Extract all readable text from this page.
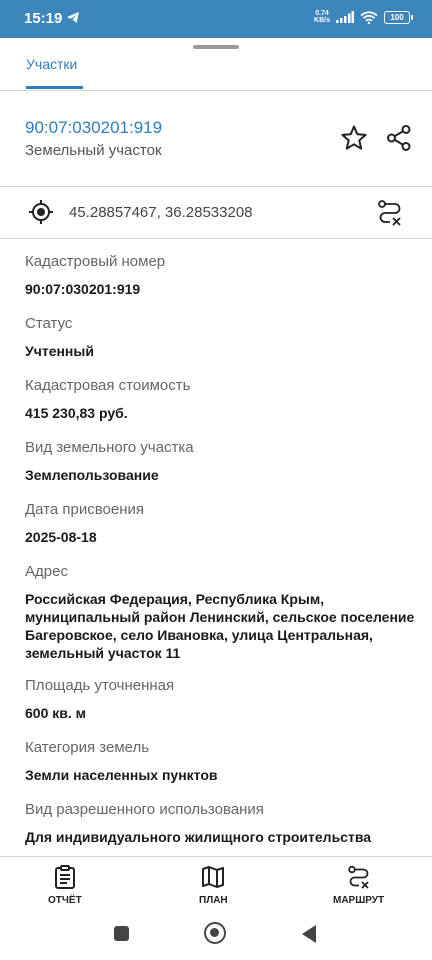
15:19	0.74
KB/s	100
Участки
90:07:030201:919
Земельный участок
45.28857467, 36.28533208
Кадастровый номер
90:07:030201:919
Статус
Учтенный
Кадастровая стоимость
415 230,83 руб.
Вид земельного участка
Землепользование
Дата присвоения
2025-08-18
Адрес
Российская Федерация, Республика Крым,
муниципальный район Ленинский, сельское поселение
Багеровское, село Ивановка, улица Центральная,
земельный участок 11
Площадь уточненная
600 кв. м
Категория земель
Земли населенных пунктов
Вид разрешенного использования
Для индивидуального жилищного строительства
ОТЧЁТ	ПЛАН	МАРШРУТ
